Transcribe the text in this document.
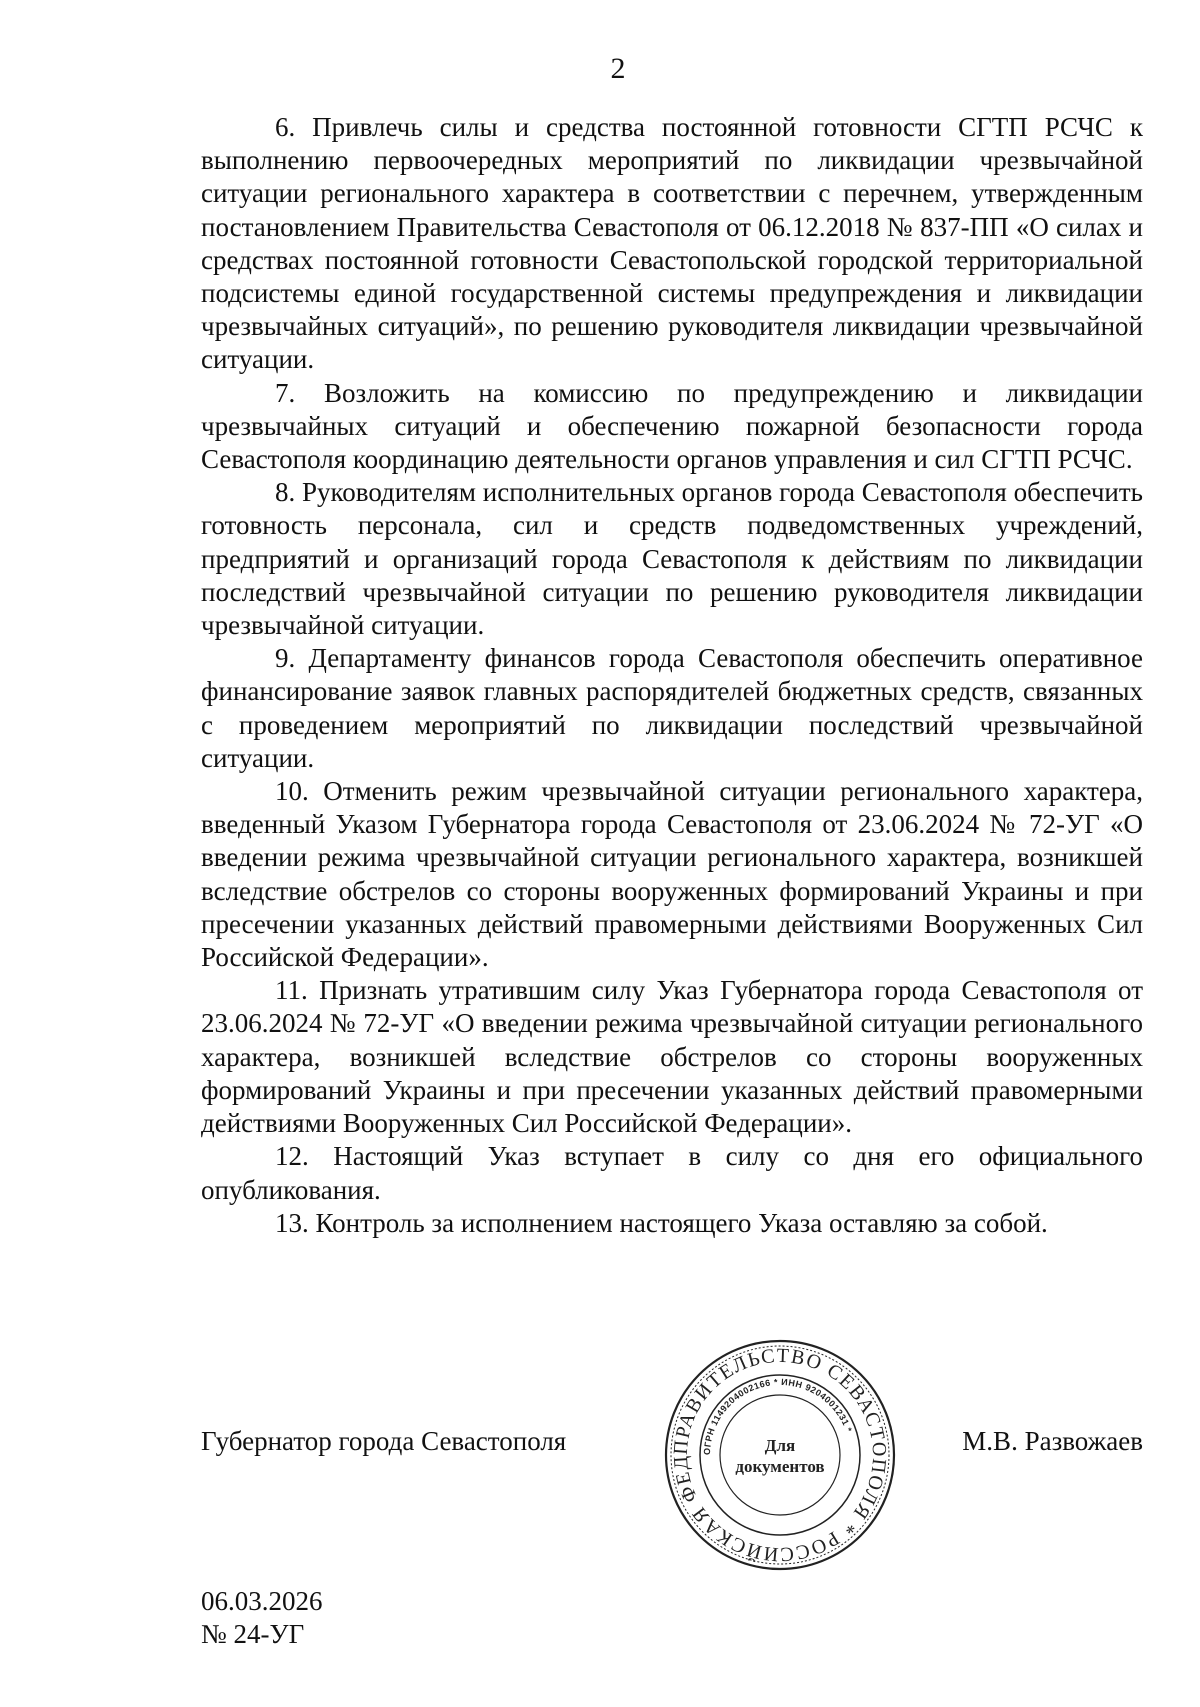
2

6. Привлечь силы и средства постоянной готовности СГТП РСЧС к выполнению первоочередных мероприятий по ликвидации чрезвычайной ситуации регионального характера в соответствии с перечнем, утвержденным постановлением Правительства Севастополя от 06.12.2018 № 837-ПП «О силах и средствах постоянной готовности Севастопольской городской территориальной подсистемы единой государственной системы предупреждения и ликвидации чрезвычайных ситуаций», по решению руководителя ликвидации чрезвычайной ситуации.

7. Возложить на комиссию по предупреждению и ликвидации чрезвычайных ситуаций и обеспечению пожарной безопасности города Севастополя координацию деятельности органов управления и сил СГТП РСЧС.

8. Руководителям исполнительных органов города Севастополя обеспечить готовность персонала, сил и средств подведомственных учреждений, предприятий и организаций города Севастополя к действиям по ликвидации последствий чрезвычайной ситуации по решению руководителя ликвидации чрезвычайной ситуации.

9. Департаменту финансов города Севастополя обеспечить оперативное финансирование заявок главных распорядителей бюджетных средств, связанных с проведением мероприятий по ликвидации последствий чрезвычайной ситуации.

10. Отменить режим чрезвычайной ситуации регионального характера, введенный Указом Губернатора города Севастополя от 23.06.2024 № 72-УГ «О введении режима чрезвычайной ситуации регионального характера, возникшей вследствие обстрелов со стороны вооруженных формирований Украины и при пресечении указанных действий правомерными действиями Вооруженных Сил Российской Федерации».

11. Признать утратившим силу Указ Губернатора города Севастополя от 23.06.2024 № 72-УГ «О введении режима чрезвычайной ситуации регионального характера, возникшей вследствие обстрелов со стороны вооруженных формирований Украины и при пресечении указанных действий правомерными действиями Вооруженных Сил Российской Федерации».

12. Настоящий Указ вступает в силу со дня его официального опубликования.

13. Контроль за исполнением настоящего Указа оставляю за собой.

Губернатор города Севастополя	ПРАВИТЕЛЬСТВО СЕВАСТОПОЛЯ * РОССИЙСКАЯ ФЕД
ОГРН 1149204002166 * ИНН 9204001231 *
Для
документов
М.В. Развожаев
06.03.2026
№ 24-УГ
